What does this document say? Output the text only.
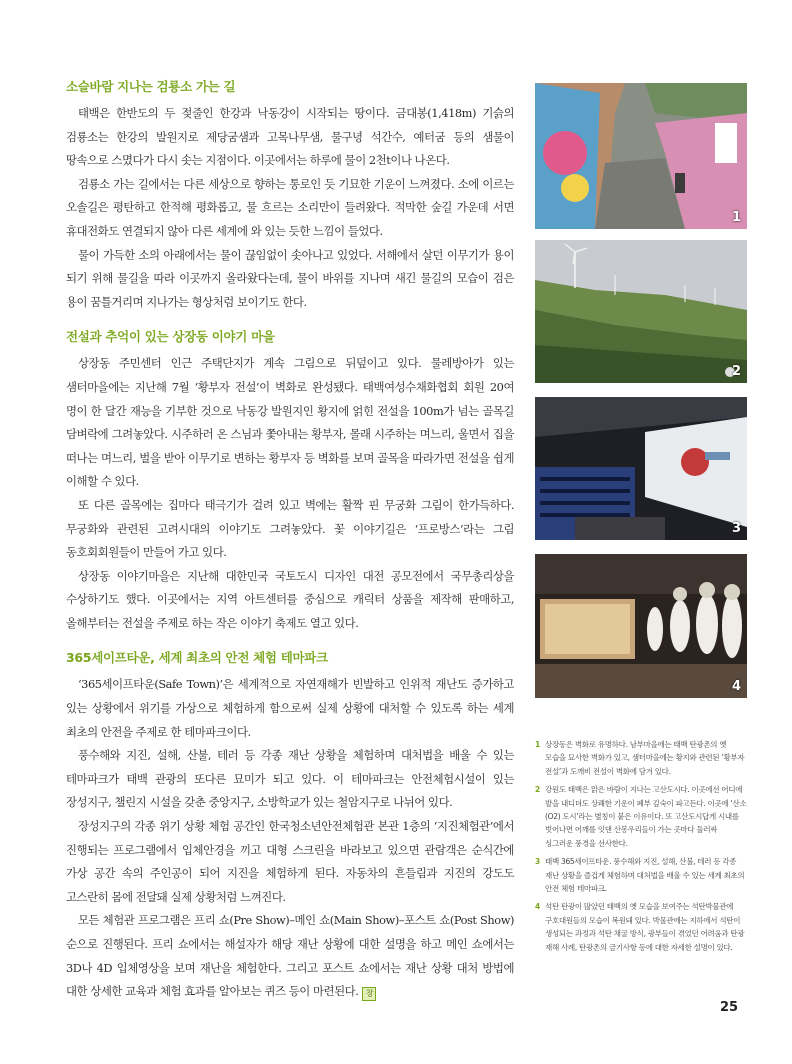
소슬바람 지나는 검룡소 가는 길

태백은 한반도의 두 젖줄인 한강과 낙동강이 시작되는 땅이다. 금대봉(1,418m) 기슭의 검룡소는 한강의 발원지로 제당굼샘과 고목나무샘, 물구녕 석간수, 예터굼 등의 샘물이 땅속으로 스몄다가 다시 솟는 지점이다. 이곳에서는 하루에 물이 2천t이나 나온다.

검룡소 가는 길에서는 다른 세상으로 향하는 통로인 듯 기묘한 기운이 느껴졌다. 소에 이르는 오솔길은 평탄하고 한적해 평화롭고, 물 흐르는 소리만이 들려왔다. 적막한 숲길 가운데 서면 휴대전화도 연결되지 않아 다른 세계에 와 있는 듯한 느낌이 들었다.

물이 가득한 소의 아래에서는 물이 끊임없이 솟아나고 있었다. 서해에서 살던 이무기가 용이 되기 위해 물길을 따라 이곳까지 올라왔다는데, 물이 바위를 지나며 새긴 물길의 모습이 검은 용이 꿈틀거리며 지나가는 형상처럼 보이기도 한다.

전설과 추억이 있는 상장동 이야기 마을

상장동 주민센터 인근 주택단지가 계속 그림으로 뒤덮이고 있다. 물레방아가 있는 샘터마을에는 지난해 7월 ‘황부자 전설’이 벽화로 완성됐다. 태백여성수채화협회 회원 20여 명이 한 달간 재능을 기부한 것으로 낙동강 발원지인 황지에 얽힌 전설을 100m가 넘는 골목길 담벼락에 그려놓았다. 시주하러 온 스님과 쫓아내는 황부자, 몰래 시주하는 며느리, 울면서 집을 떠나는 며느리, 벌을 받아 이무기로 변하는 황부자 등 벽화를 보며 골목을 따라가면 전설을 쉽게 이해할 수 있다.

또 다른 골목에는 집마다 태극기가 걸려 있고 벽에는 활짝 핀 무궁화 그림이 한가득하다. 무궁화와 관련된 고려시대의 이야기도 그려놓았다. 꽃 이야기길은 ‘프로방스’라는 그림 동호회회원들이 만들어 가고 있다.

상장동 이야기마을은 지난해 대한민국 국토도시 디자인 대전 공모전에서 국무총리상을 수상하기도 했다. 이곳에서는 지역 아트센터를 중심으로 캐릭터 상품을 제작해 판매하고, 올해부터는 전설을 주제로 하는 작은 이야기 축제도 열고 있다.

365세이프타운, 세계 최초의 안전 체험 테마파크

‘365세이프타운(Safe Town)’은 세계적으로 자연재해가 빈발하고 인위적 재난도 증가하고 있는 상황에서 위기를 가상으로 체험하게 함으로써 실제 상황에 대처할 수 있도록 하는 세계 최초의 안전을 주제로 한 테마파크이다.

풍수해와 지진, 설해, 산불, 테러 등 각종 재난 상황을 체험하며 대처법을 배울 수 있는 테마파크가 태백 관광의 또다른 묘미가 되고 있다. 이 테마파크는 안전체험시설이 있는 장성지구, 챌린지 시설을 갖춘 중앙지구, 소방학교가 있는 철암지구로 나뉘어 있다.

장성지구의 각종 위기 상황 체험 공간인 한국청소년안전체험관 본관 1층의 ‘지진체험관’에서 진행되는 프로그램에서 입체안경을 끼고 대형 스크린을 바라보고 있으면 관람객은 순식간에 가상 공간 속의 주인공이 되어 지진을 체험하게 된다. 자동차의 흔들림과 지진의 강도도 고스란히 몸에 전달돼 실제 상황처럼 느껴진다.

모든 체험관 프로그램은 프리 쇼(Pre Show)–메인 쇼(Main Show)–포스트 쇼(Post Show) 순으로 진행된다. 프리 쇼에서는 해설자가 해당 재난 상황에 대한 설명을 하고 메인 쇼에서는 3D나 4D 입체영상을 보며 재난을 체험한다. 그리고 포스트 쇼에서는 재난 상황 대처 방법에 대한 상세한 교육과 체험 효과를 알아보는 퀴즈 등이 마련된다. 창

1
2
3
4
1 상장동은 벽화로 유명하다. 남부마을에는 태백 탄광촌의 옛 모습을 묘사한 벽화가 있고, 샘터마을에는 황지와 관련된 ‘황부자 전설’과 도깨비 전설이 벽화에 담겨 있다.
2 강원도 태백은 맑은 바람이 지나는 고산도시다. 이곳에선 어디에 발을 내디뎌도 상쾌한 기운이 폐부 깊숙이 파고든다. 이곳에 ‘산소(O2) 도시’라는 별칭이 붙은 이유이다. 또 고산도시답게 시내를 벗어나면 어깨를 잇댄 산봉우리들이 가는 곳마다 둘러싸 싱그러운 풍경을 선사한다.
3 태백 365세이프타운. 풍수해와 지진, 설해, 산불, 테러 등 각종 재난 상황을 즐겁게 체험하며 대처법을 배울 수 있는 세계 최초의 안전 체험 테마파크.
4 석탄 탄광이 많았던 태백의 옛 모습을 보여주는 석탄박물관에 구호대원들의 모습이 복원돼 있다. 박물관에는 지하에서 석탄이 생성되는 과정과 석탄 채굴 방식, 광부들이 겪었던 어려움과 탄광 재해 사례, 탄광촌의 금기사항 등에 대한 자세한 설명이 있다.
25
